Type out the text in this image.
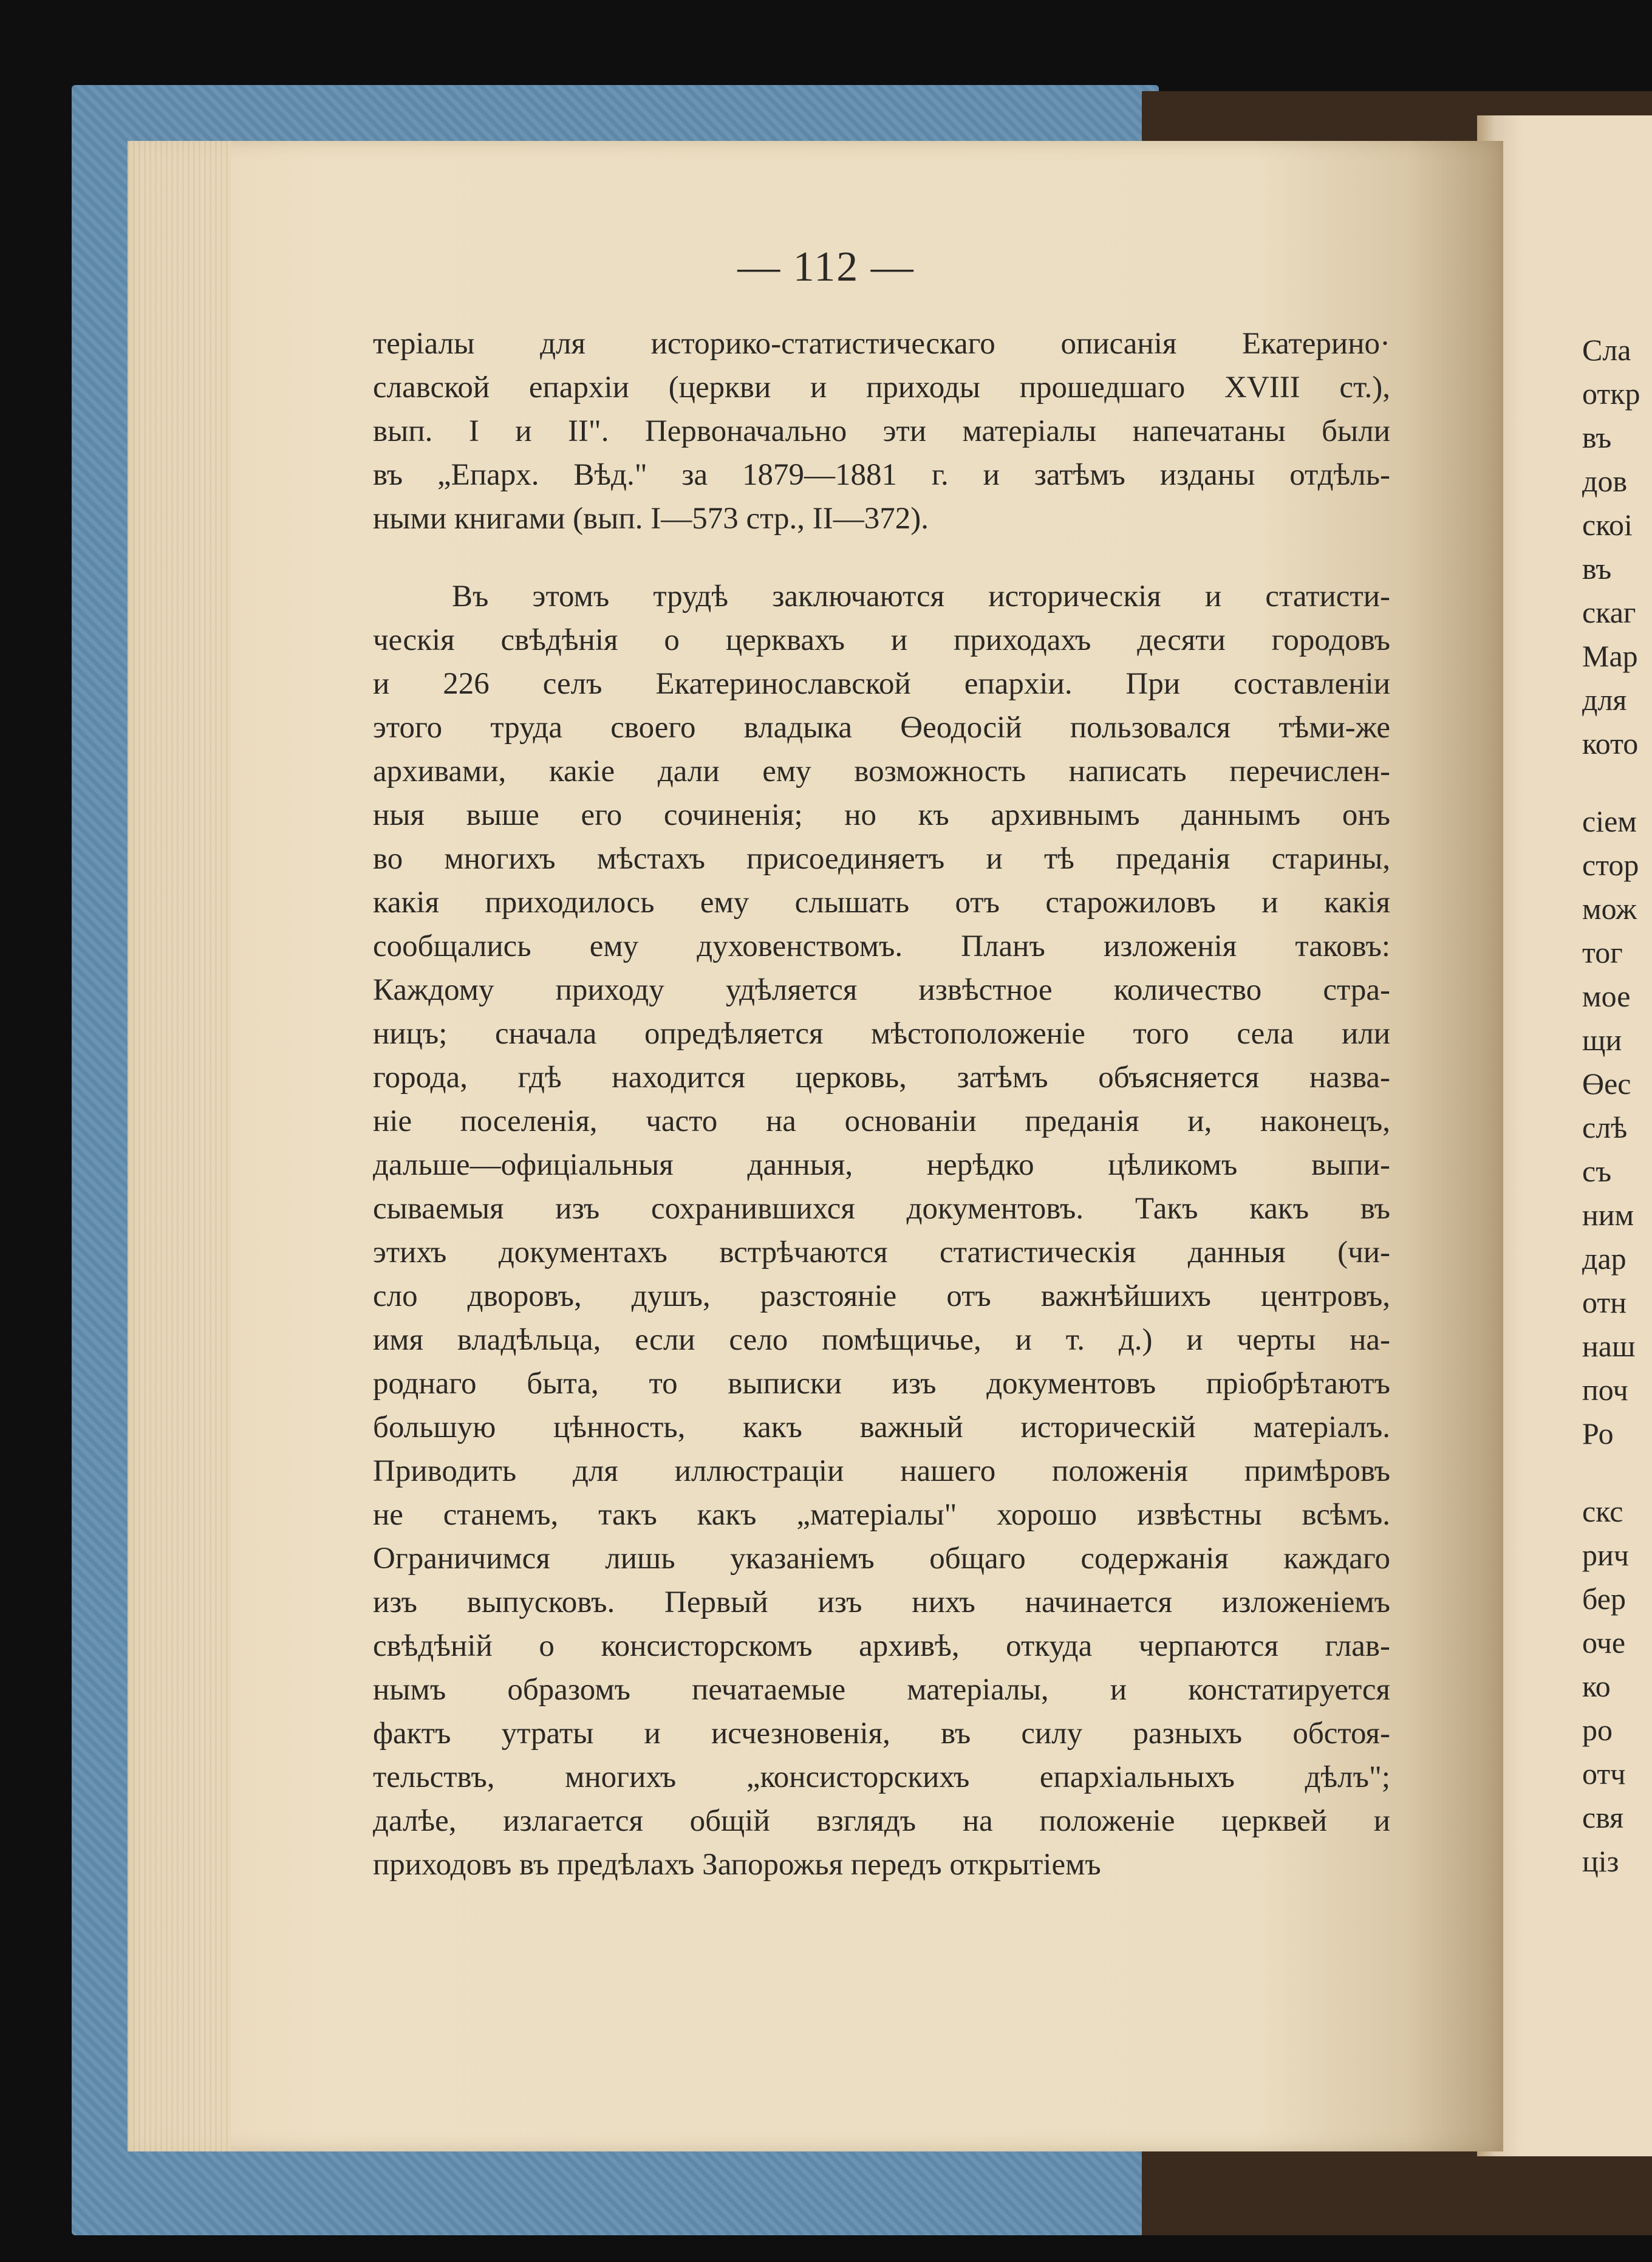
— 112 —

теріалы для историко-статистическаго описанія Екатерино·

славской епархіи (церкви и приходы прошедшаго XVIII ст.),

вып. I и II". Первоначально эти матеріалы напечатаны были

въ „Епарх. Вѣд." за 1879—1881 г. и затѣмъ изданы отдѣль-

ными книгами (вып. I—573 стр., II—372).

Въ этомъ трудѣ заключаются историческія и статисти-

ческія свѣдѣнія о церквахъ и приходахъ десяти городовъ

и 226 селъ Екатеринославской епархіи. При составленіи

этого труда своего владыка Өеодосій пользовался тѣми-же

архивами, какіе дали ему возможность написать перечислен-

ныя выше его сочиненія; но къ архивнымъ даннымъ онъ

во многихъ мѣстахъ присоединяетъ и тѣ преданія старины,

какія приходилось ему слышать отъ старожиловъ и какія

сообщались ему духовенствомъ. Планъ изложенія таковъ:

Каждому приходу удѣляется извѣстное количество стра-

ницъ; сначала опредѣляется мѣстоположеніе того села или

города, гдѣ находится церковь, затѣмъ объясняется назва-

ніе поселенія, часто на основаніи преданія и, наконецъ,

дальше—офиціальныя данныя, нерѣдко цѣликомъ выпи-

сываемыя изъ сохранившихся документовъ. Такъ какъ въ

этихъ документахъ встрѣчаются статистическія данныя (чи-

сло дворовъ, душъ, разстояніе отъ важнѣйшихъ центровъ,

имя владѣльца, если село помѣщичье, и т. д.) и черты на-

роднаго быта, то выписки изъ документовъ пріобрѣтаютъ

большую цѣнность, какъ важный историческій матеріалъ.

Приводить для иллюстраціи нашего положенія примѣровъ

не станемъ, такъ какъ „матеріалы" хорошо извѣстны всѣмъ.

Ограничимся лишь указаніемъ общаго содержанія каждаго

изъ выпусковъ. Первый изъ нихъ начинается изложеніемъ

свѣдѣній о консисторскомъ архивѣ, откуда черпаются глав-

нымъ образомъ печатаемые матеріалы, и констатируется

фактъ утраты и исчезновенія, въ силу разныхъ обстоя-

тельствъ, многихъ „консисторскихъ епархіальныхъ дѣлъ";

далѣе, излагается общій взглядъ на положеніе церквей и

приходовъ въ предѣлахъ Запорожья передъ открытіемъ

Сла
откр
въ
дов
скоі
въ
скаг
Мар
для
кото
сіем
стор
мож
тог
мое
щи
Өеc
слѣ
съ
ним
дар
отн
наш
поч
Ро
скс
рич
бер
оче
ко
ро
отч
свя
ціз
